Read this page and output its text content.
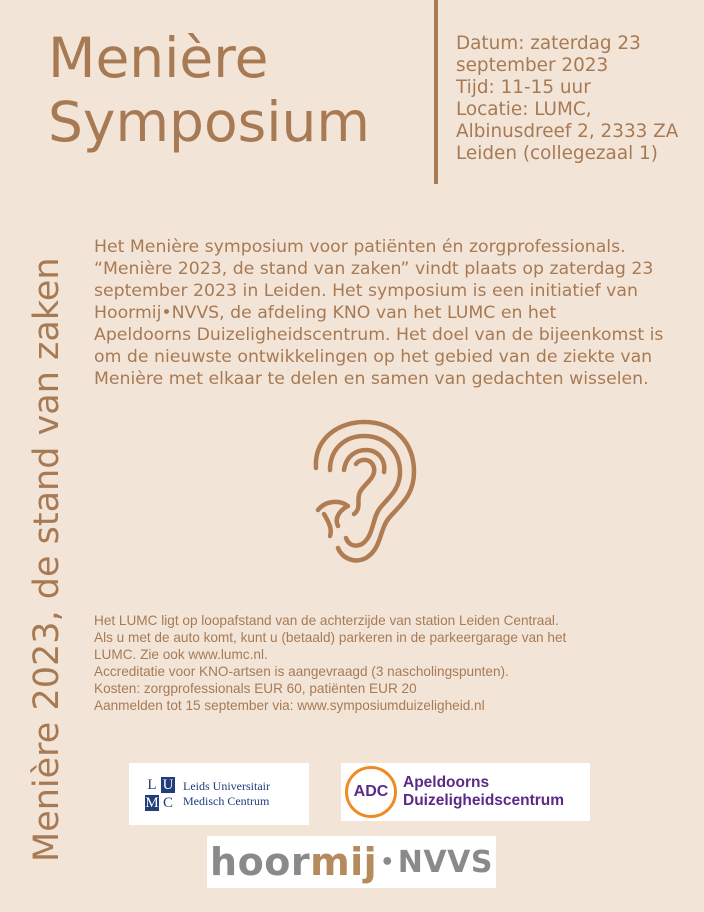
Menière
Symposium
Datum: zaterdag 23
september 2023
Tijd: 11-15 uur
Locatie: LUMC,
Albinusdreef 2, 2333 ZA
Leiden (collegezaal 1)
Menière 2023, de stand van zaken
Het Menière symposium voor patiënten én zorgprofessionals.
“Menière 2023, de stand van zaken” vindt plaats op zaterdag 23
september 2023 in Leiden. Het symposium is een initiatief van
Hoormij•NVVS, de afdeling KNO van het LUMC en het
Apeldoorns Duizeligheidscentrum. Het doel van de bijeenkomst is
om de nieuwste ontwikkelingen op het gebied van de ziekte van
Menière met elkaar te delen en samen van gedachten wisselen.
Het LUMC ligt op loopafstand van de achterzijde van station Leiden Centraal.
Als u met de auto komt, kunt u (betaald) parkeren in de parkeergarage van het
LUMC. Zie ook www.lumc.nl.
Accreditatie voor KNO-artsen is aangevraagd (3 nascholingspunten).
Kosten: zorgprofessionals EUR 60, patiënten EUR 20
Aanmelden tot 15 september via: www.symposiumduizeligheid.nl
L U
M C
Leids Universitair
Medisch Centrum
ADC
Apeldoorns
Duizeligheidscentrum
hoor mij • NVVS
